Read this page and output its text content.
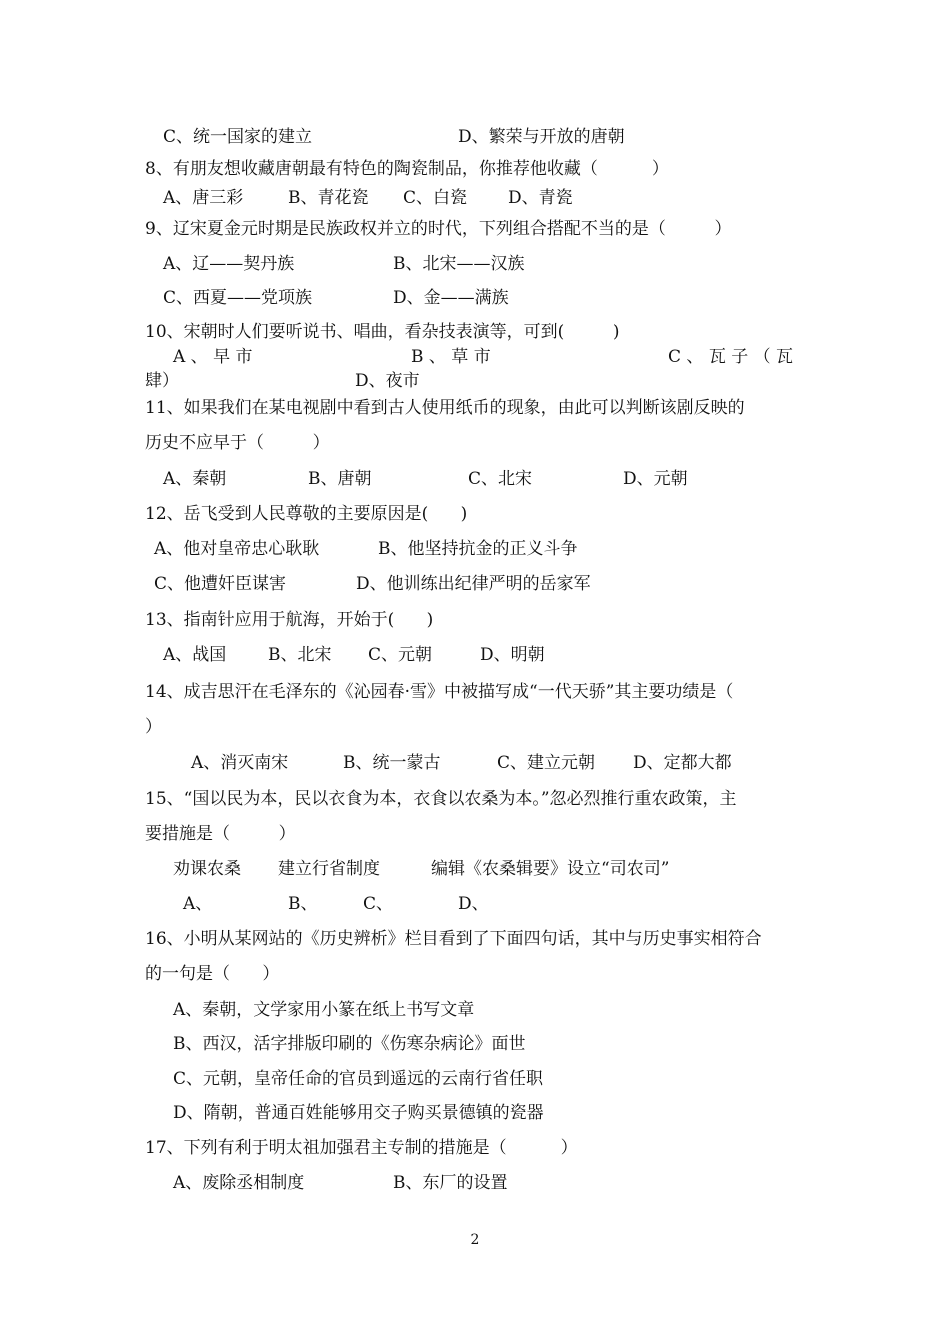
C、统一国家的建立	D、繁荣与开放的唐朝
8、有朋友想收藏唐朝最有特色的陶瓷制品，你推荐他收藏（          ）
A、唐三彩	B、青花瓷 C、白瓷 D、青瓷
9、辽宋夏金元时期是民族政权并立的时代，下列组合搭配不当的是（         ）
A、辽——契丹族	B、北宋——汉族
C、西夏——党项族	D、金——满族
10、宋朝时人们要听说书、唱曲，看杂技表演等，可到(         )
A 、 早 市	B 、 草 市	C 、 瓦 子 （ 瓦
肆）	D、夜市
11、如果我们在某电视剧中看到古人使用纸币的现象，由此可以判断该剧反映的
历史不应早于（         ）
A、秦朝	B、唐朝	C、北宋	D、元朝
12、岳飞受到人民尊敬的主要原因是(      )
A、他对皇帝忠心耿耿	B、他坚持抗金的正义斗争
C、他遭奸臣谋害	D、他训练出纪律严明的岳家军
13、指南针应用于航海，开始于(      )
A、战国 B、北宋 C、元朝	D、明朝
14、成吉思汗在毛泽东的《沁园春·雪》中被描写成“一代天骄”其主要功绩是（
）
A、消灭南宋	B、统一蒙古	C、建立元朝 D、定都大都
15、“国以民为本，民以衣食为本，衣食以农桑为本。”忽必烈推行重农政策，主
要措施是（         ）
劝课农桑 建立行省制度	编辑《农桑辑要》设立“司农司”
A、	B、	C、	D、
16、小明从某网站的《历史辨析》栏目看到了下面四句话，其中与历史事实相符合
的一句是（      ）
A、秦朝，文学家用小篆在纸上书写文章
B、西汉，活字排版印刷的《伤寒杂病论》面世
C、元朝，皇帝任命的官员到遥远的云南行省任职
D、隋朝，普通百姓能够用交子购买景德镇的瓷器
17、下列有利于明太祖加强君主专制的措施是（          ）
A、废除丞相制度	B、东厂的设置
2
